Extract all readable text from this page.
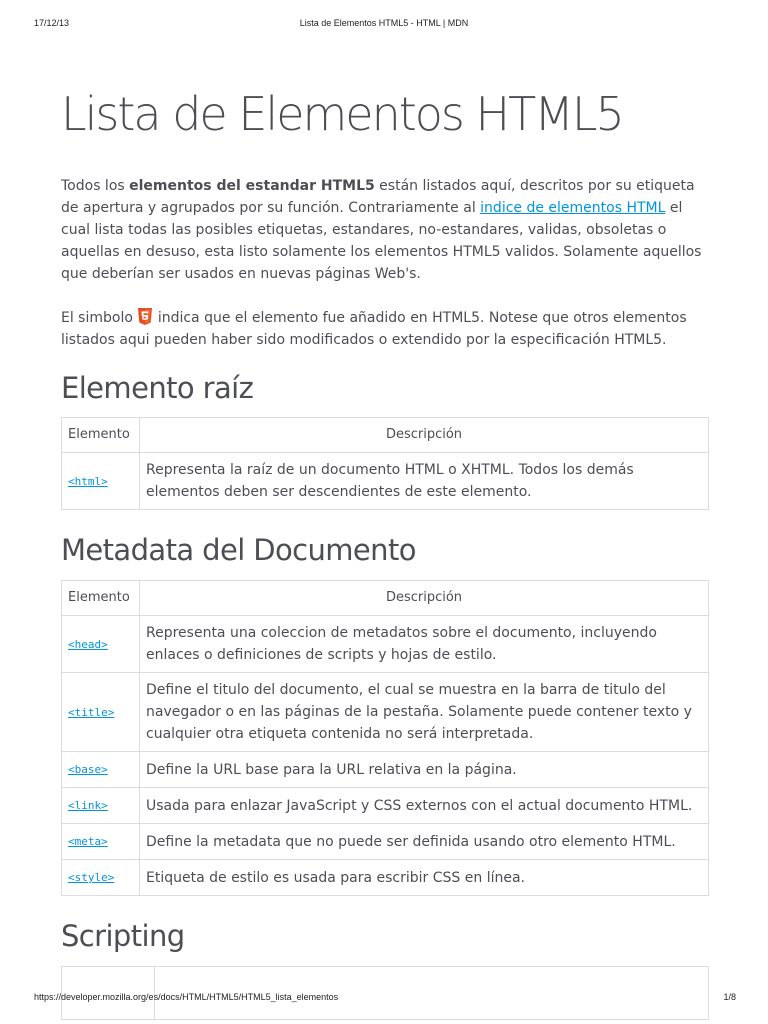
17/12/13	Lista de Elementos HTML5 - HTML | MDN
Lista de Elementos HTML5

Todos los elementos del estandar HTML5 están listados aquí, descritos por su etiqueta de apertura y agrupados por su función. Contrariamente al indice de elementos HTML el cual lista todas las posibles etiquetas, estandares, no-estandares, validas, obsoletas o aquellas en desuso, esta listo solamente los elementos HTML5 validos. Solamente aquellos que deberían ser usados en nuevas páginas Web's.

El simbolo  indica que el elemento fue añadido en HTML5. Notese que otros elementos listados aqui pueden haber sido modificados o extendido por la especificación HTML5.

Elemento raíz
Elemento	Descripción
<html>	Representa la raíz de un documento HTML o XHTML. Todos los demás elementos deben ser descendientes de este elemento.
Metadata del Documento
Elemento	Descripción
<head>	Representa una coleccion de metadatos sobre el documento, incluyendo enlaces o definiciones de scripts y hojas de estilo.
<title>	Define el titulo del documento, el cual se muestra en la barra de titulo del navegador o en las páginas de la pestaña. Solamente puede contener texto y cualquier otra etiqueta contenida no será interpretada.
<base>	Define la URL base para la URL relativa en la página.
<link>	Usada para enlazar JavaScript y CSS externos con el actual documento HTML.
<meta>	Define la metadata que no puede ser definida usando otro elemento HTML.
<style>	Etiqueta de estilo es usada para escribir CSS en línea.
Scripting

https://developer.mozilla.org/es/docs/HTML/HTML5/HTML5_lista_elementos	1/8
